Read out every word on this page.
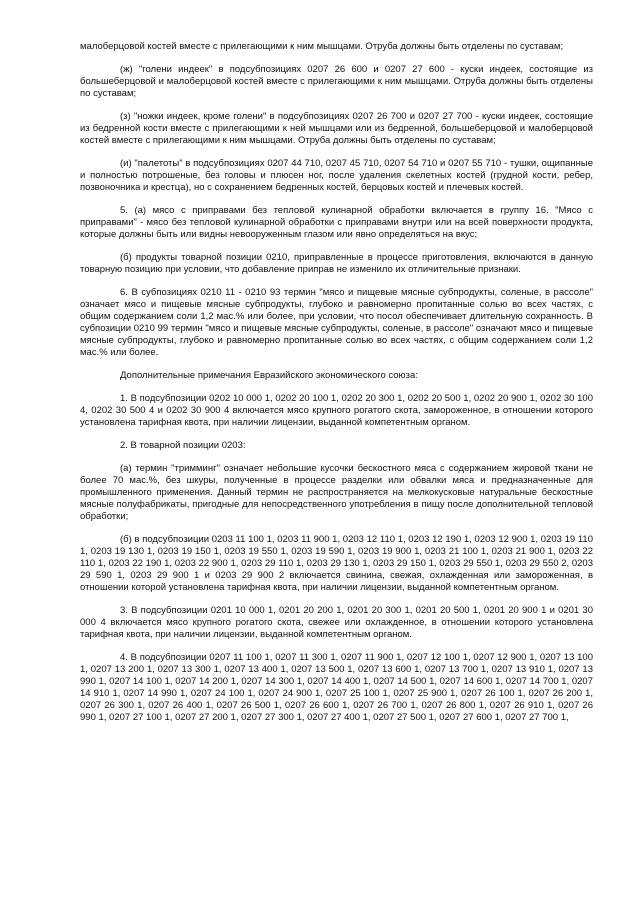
малоберцовой костей вместе с прилегающими к ним мышцами. Отруба должны быть отделены по суставам;

(ж) "голени индеек" в подсубпозициях 0207 26 600 и 0207 27 600 - куски индеек, состоящие из большеберцовой и малоберцовой костей вместе с прилегающими к ним мышцами. Отруба должны быть отделены по суставам;

(з) "ножки индеек, кроме голени" в подсубпозициях 0207 26 700 и 0207 27 700 - куски индеек, состоящие из бедренной кости вместе с прилегающими к ней мышцами или из бедренной, большеберцовой и малоберцовой костей вместе с прилегающими к ним мышцами. Отруба должны быть отделены по суставам;

(и) "палетоты" в подсубпозициях 0207 44 710, 0207 45 710, 0207 54 710 и 0207 55 710 - тушки, ощипанные и полностью потрошеные, без головы и плюсен ног, после удаления скелетных костей (грудной кости, ребер, позвоночника и крестца), но с сохранением бедренных костей, берцовых костей и плечевых костей.

5. (а) мясо с приправами без тепловой кулинарной обработки включается в группу 16. "Мясо с приправами" - мясо без тепловой кулинарной обработки с приправами внутри или на всей поверхности продукта, которые должны быть или видны невооруженным глазом или явно определяться на вкус;

(б) продукты товарной позиции 0210, приправленные в процессе приготовления, включаются в данную товарную позицию при условии, что добавление приправ не изменило их отличительные признаки.

6. В субпозициях 0210 11 - 0210 93 термин "мясо и пищевые мясные субпродукты, соленые, в рассоле" означает мясо и пищевые мясные субпродукты, глубоко и равномерно пропитанные солью во всех частях, с общим содержанием соли 1,2 мас.% или более, при условии, что посол обеспечивает длительную сохранность. В субпозиции 0210 99 термин "мясо и пищевые мясные субпродукты, соленые, в рассоле" означают мясо и пищевые мясные субпродукты, глубоко и равномерно пропитанные солью во всех частях, с общим содержанием соли 1,2 мас.% или более.

Дополнительные примечания Евразийского экономического союза:

1. В подсубпозиции 0202 10 000 1, 0202 20 100 1, 0202 20 300 1, 0202 20 500 1, 0202 20 900 1, 0202 30 100 4, 0202 30 500 4 и 0202 30 900 4 включается мясо крупного рогатого скота, замороженное, в отношении которого установлена тарифная квота, при наличии лицензии, выданной компетентным органом.

2. В товарной позиции 0203:

(а) термин "тримминг" означает небольшие кусочки бескостного мяса с содержанием жировой ткани не более 70 мас.%, без шкуры, полученные в процессе разделки или обвалки мяса и предназначенные для промышленного применения. Данный термин не распространяется на мелкокусковые натуральные бескостные мясные полуфабрикаты, пригодные для непосредственного употребления в пищу после дополнительной тепловой обработки;

(б) в подсубпозиции 0203 11 100 1, 0203 11 900 1, 0203 12 110 1, 0203 12 190 1, 0203 12 900 1, 0203 19 110 1, 0203 19 130 1, 0203 19 150 1, 0203 19 550 1, 0203 19 590 1, 0203 19 900 1, 0203 21 100 1, 0203 21 900 1, 0203 22 110 1, 0203 22 190 1, 0203 22 900 1, 0203 29 110 1, 0203 29 130 1, 0203 29 150 1, 0203 29 550 1, 0203 29 550 2, 0203 29 590 1, 0203 29 900 1 и 0203 29 900 2 включается свинина, свежая, охлажденная или замороженная, в отношении которой установлена тарифная квота, при наличии лицензии, выданной компетентным органом.

3. В подсубпозиции 0201 10 000 1, 0201 20 200 1, 0201 20 300 1, 0201 20 500 1, 0201 20 900 1 и 0201 30 000 4 включается мясо крупного рогатого скота, свежее или охлажденное, в отношении которого установлена тарифная квота, при наличии лицензии, выданной компетентным органом.

4. В подсубпозиции 0207 11 100 1, 0207 11 300 1, 0207 11 900 1, 0207 12 100 1, 0207 12 900 1, 0207 13 100 1, 0207 13 200 1, 0207 13 300 1, 0207 13 400 1, 0207 13 500 1, 0207 13 600 1, 0207 13 700 1, 0207 13 910 1, 0207 13 990 1, 0207 14 100 1, 0207 14 200 1, 0207 14 300 1, 0207 14 400 1, 0207 14 500 1, 0207 14 600 1, 0207 14 700 1, 0207 14 910 1, 0207 14 990 1, 0207 24 100 1, 0207 24 900 1, 0207 25 100 1, 0207 25 900 1, 0207 26 100 1, 0207 26 200 1, 0207 26 300 1, 0207 26 400 1, 0207 26 500 1, 0207 26 600 1, 0207 26 700 1, 0207 26 800 1, 0207 26 910 1, 0207 26 990 1, 0207 27 100 1, 0207 27 200 1, 0207 27 300 1, 0207 27 400 1, 0207 27 500 1, 0207 27 600 1, 0207 27 700 1,
